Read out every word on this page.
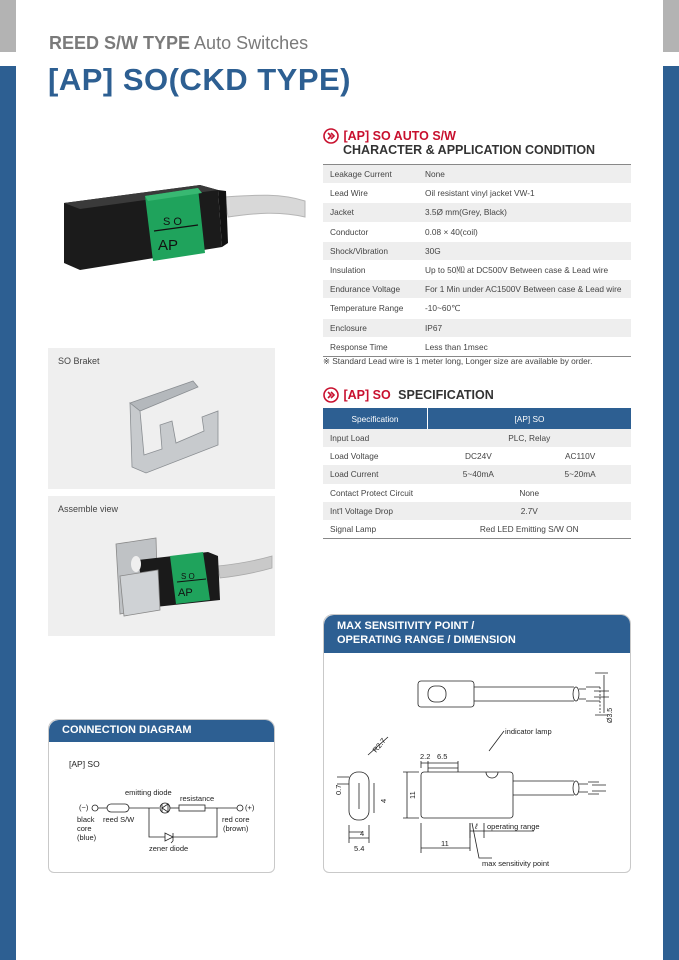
REED S/W TYPE Auto Switches
[AP] SO(CKD TYPE)
S O
AP
SO Braket
Assemble view
S O
AP
[AP] SO AUTO S/W
CHARACTER & APPLICATION CONDITION
Leakage Current	None
Lead Wire	Oil resistant vinyl jacket VW-1
Jacket	3.5Ø mm(Grey, Black)
Conductor	0.08 × 40(coil)
Shock/Vibration	30G
Insulation	Up to 50㏁ at DC500V Between case & Lead wire
Endurance Voltage	For 1 Min under AC1500V Between case & Lead wire
Temperature Range	-10~60℃
Enclosure	IP67
Response Time	Less than 1msec
※ Standard Lead wire is 1 meter long, Longer size are available by order.
[AP] SO SPECIFICATION
Specification	[AP] SO	
Input Load	PLC, Relay	
Load Voltage	DC24V	AC110V
Load Current	5~40mA	5~20mA
Contact Protect Circuit	None	
Int'l Voltage Drop	2.7V	
Signal Lamp	Red LED Emitting S/W ON	
MAX SENSITIVITY POINT /
OPERATING RANGE / DIMENSION
Ø3.5
R2.7
2.2 6.5
indicator lamp
0.7
4
11
4
5.4
11
ℓ operating range
max sensitivity point
CONNECTION DIAGRAM
[AP] SO
emitting diode
resistance
(−)	(+)
black
core
(blue)
reed S/W	red core
(brown)
zener diode
